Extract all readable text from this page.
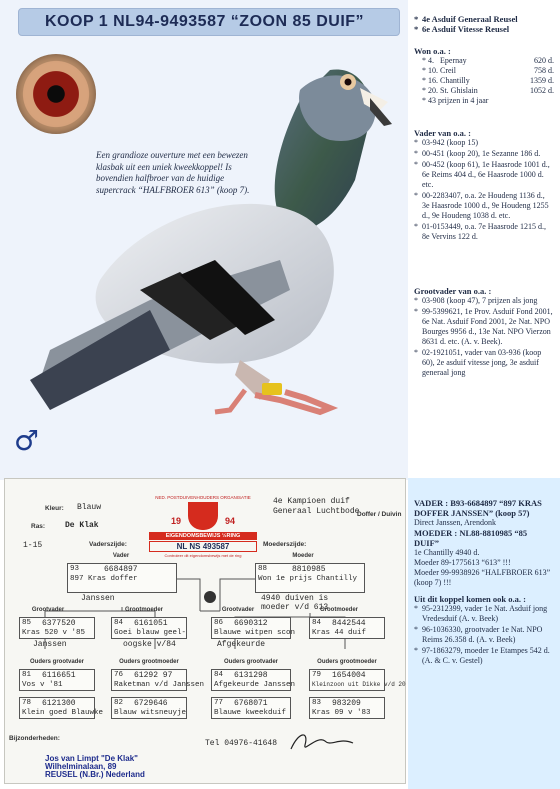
KOOP 1 NL94-9493587 “ZOON 85 DUIF”
Een grandioze ouverture met een bewezen klasbak uit een uniek kweekkoppel! Is bovendien halfbroer van de huidige supercrack “HALFBROER 613” (koop 7).
♂
* 4e Asduif Generaal Reusel
* 6e Asduif Vitesse Reusel
Won o.a. :
* 4. Epernay	620 d.
* 10. Creil	758 d.
* 16. Chantilly	1359 d.
* 20. St. Ghislain	1052 d.
* 43 prijzen in 4 jaar
Vader van o.a. :
* 03-942 (koop 15)
* 00-451 (koop 20), 1e Sezanne 186 d.
* 00-452 (koop 61), 1e Haasrode 1001 d., 6e Reims 404 d., 6e Haasrode 1000 d. etc.
* 00-2283407, o.a. 2e Houdeng 1136 d., 3e Haasrode 1000 d., 9e Houdeng 1255 d., 9e Houdeng 1038 d. etc.
* 01-0153449, o.a. 7e Haasrode 1215 d., 8e Vervins 122 d.
Grootvader van o.a. :
* 03-908 (koop 47), 7 prijzen als jong
* 99-5399621, 1e Prov. Asduif Fond 2001, 6e Nat. Asduif Fond 2001, 2e Nat. NPO Bourges 9956 d., 13e Nat. NPO Vierzon 8631 d. etc. (A. v. Beek).
* 02-1921051, vader van 03-936 (koop 60), 2e asduif vitesse jong, 3e asduif generaal jong
VADER : B93-6684897 “897 KRAS DOFFER JANSSEN” (koop 57)
Direct Janssen, Arendonk
MOEDER : NL88-8810985 “85 DUIF”
1e Chantilly 4940 d.
Moeder 89-1775613 “613” !!!
Moeder 99-9938926 “HALFBROER 613” (koop 7) !!!
Uit dit koppel komen ook o.a. :
* 95-2312399, vader 1e Nat. Asduif jong Vredesduif (A. v. Beek)
* 96-1036330, grootvader 1e Nat. NPO Reims 26.358 d. (A. v. Beek)
* 97-1863279, moeder 1e Etampes 542 d. (A. & C. v. Gestel)
Kleur: Blauw
Ras: De Klak
1-15	Vaderszijde:	Moederszijde:
4e Kampioen duif
Generaal Luchtbode
Doffer / Duivin
NED. POSTDUIVENHOUDERS ORGANISATIE
19	94
EIGENDOMSBEWIJS ½RING
NL NS 493587
Controleer dit eigendomsbewijs met de ring
Vader
93	6684897
897 Kras doffer
Janssen
Moeder
88	8810985
Won 1e prijs Chantilly
4940 duiven is
moeder v/d 613
Grootvader
85 6377520
Kras 520 v '85
Janssen
Grootmoeder
84 6161051
Goei blauw geel-
oogske v/84
Grootvader
86 6690312
Blauwe witpen scon
Afgekeurde
Grootmoeder
84 8442544
Kras 44 duif
Ouders grootvader	Ouders grootmoeder	Ouders grootvader	Ouders grootmoeder
81 6116651
Vos v '81
78 6121300
Klein goed Blauwke
76 61292 97
Raketman v/d Janssen
82 6729646
Blauw witsneuyje
84 6131298
Afgekeurde Janssen
77 6768071
Blauwe kweekduif
79 1654004
Kleinzoon uit Dikke v/d 20
83 983209
Kras 09 v '83
Bijzonderheden:
Jos van Limpt "De Klak"
Wilhelminalaan, 89
REUSEL (N.Br.) Nederland
Tel 04976-41648
